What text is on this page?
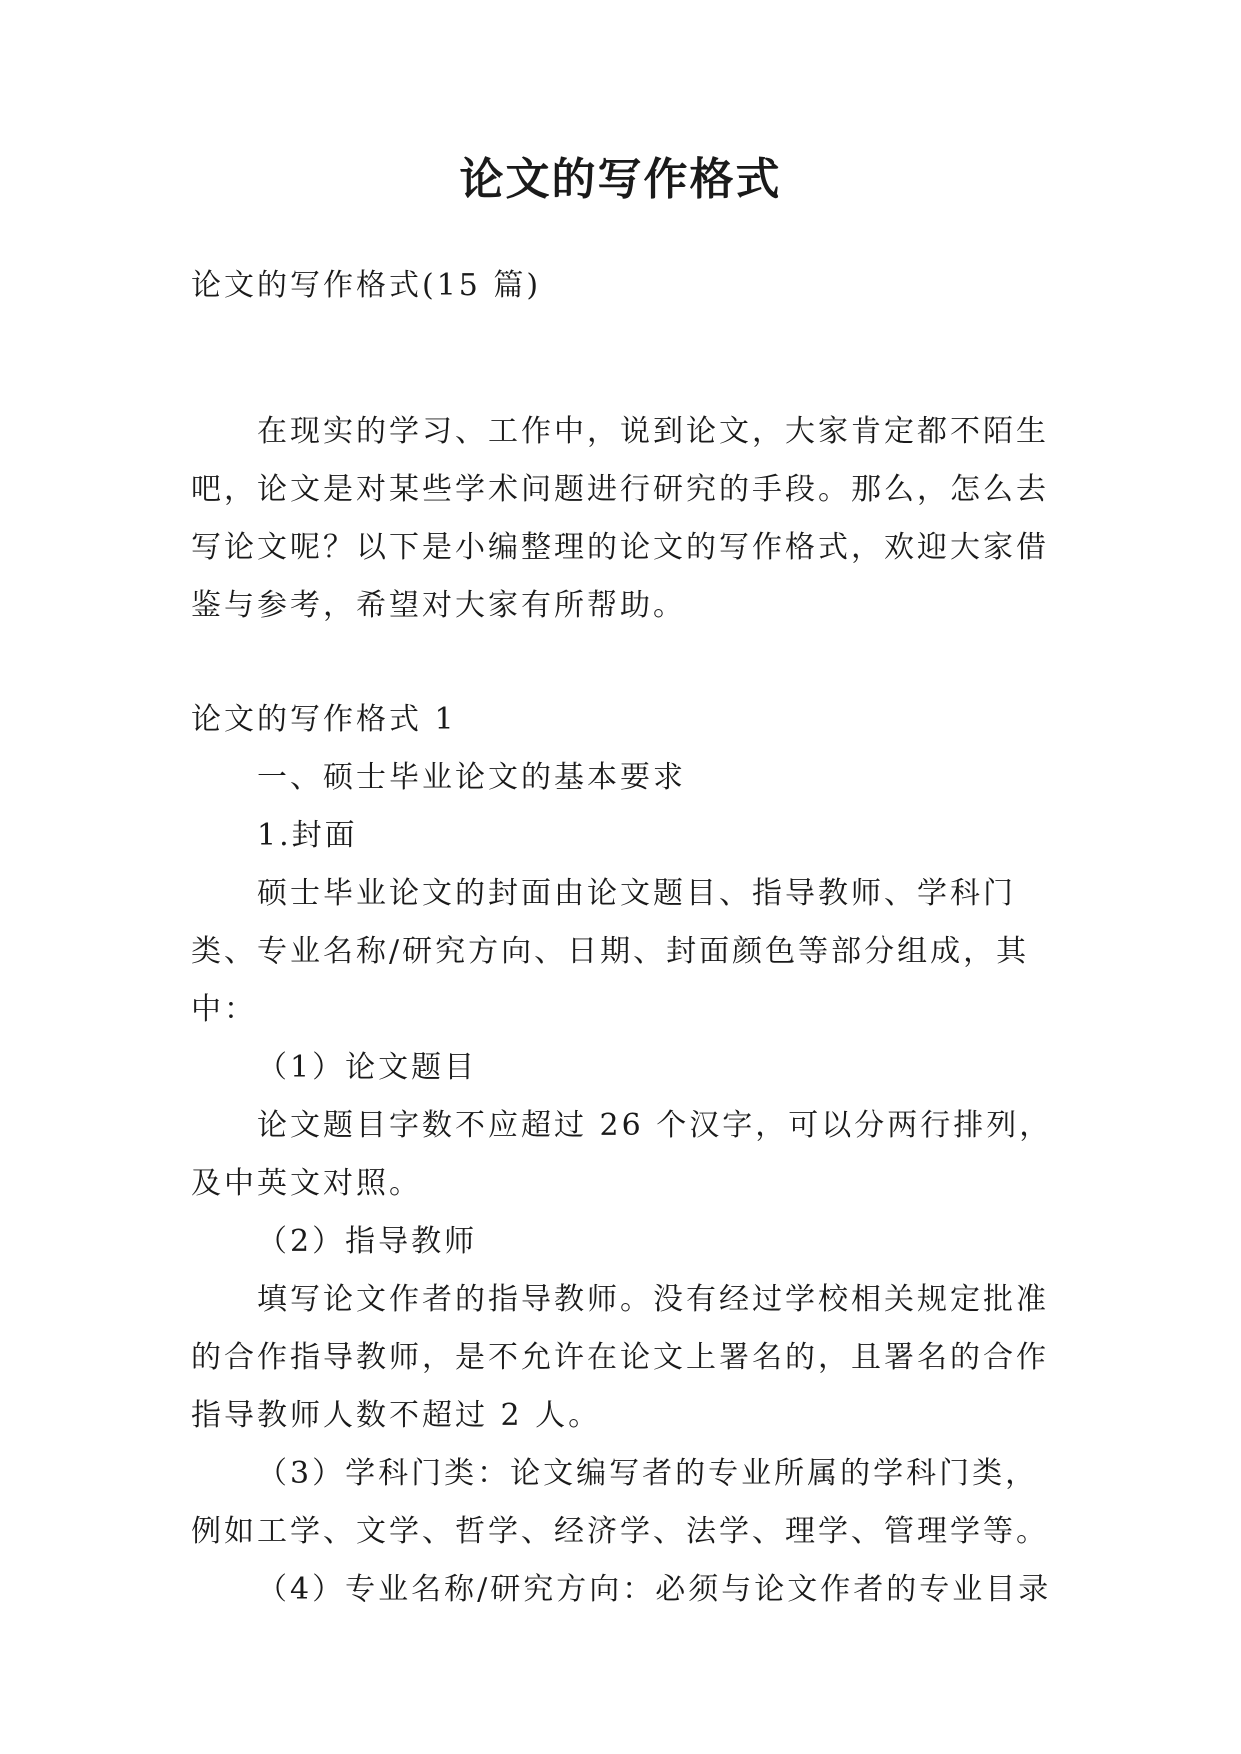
论文的写作格式

论文的写作格式(15 篇)

在现实的学习、工作中，说到论文，大家肯定都不陌生吧，论文是对某些学术问题进行研究的手段。那么，怎么去写论文呢？以下是小编整理的论文的写作格式，欢迎大家借鉴与参考，希望对大家有所帮助。

论文的写作格式 1

一、硕士毕业论文的基本要求

1.封面

硕士毕业论文的封面由论文题目、指导教师、学科门类、专业名称/研究方向、日期、封面颜色等部分组成，其中：

（1）论文题目

论文题目字数不应超过 26 个汉字，可以分两行排列，及中英文对照。

（2）指导教师

填写论文作者的指导教师。没有经过学校相关规定批准的合作指导教师，是不允许在论文上署名的，且署名的合作指导教师人数不超过 2 人。

（3）学科门类：论文编写者的专业所属的学科门类，例如工学、文学、哲学、经济学、法学、理学、管理学等。

（4）专业名称/研究方向：必须与论文作者的专业目录
